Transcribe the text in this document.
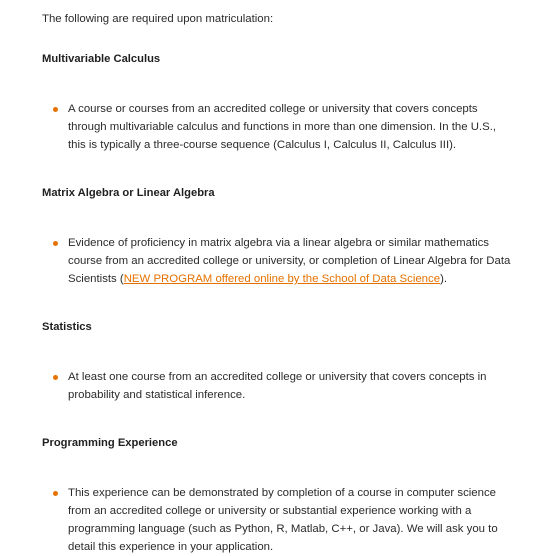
The following are required upon matriculation:

Multivariable Calculus
A course or courses from an accredited college or university that covers concepts through multivariable calculus and functions in more than one dimension. In the U.S., this is typically a three-course sequence (Calculus I, Calculus II, Calculus III).
Matrix Algebra or Linear Algebra
Evidence of proficiency in matrix algebra via a linear algebra or similar mathematics course from an accredited college or university, or completion of Linear Algebra for Data Scientists (NEW PROGRAM offered online by the School of Data Science).
Statistics
At least one course from an accredited college or university that covers concepts in probability and statistical inference.
Programming Experience
This experience can be demonstrated by completion of a course in computer science from an accredited college or university or substantial experience working with a programming language (such as Python, R, Matlab, C++, or Java). We will ask you to detail this experience in your application.
